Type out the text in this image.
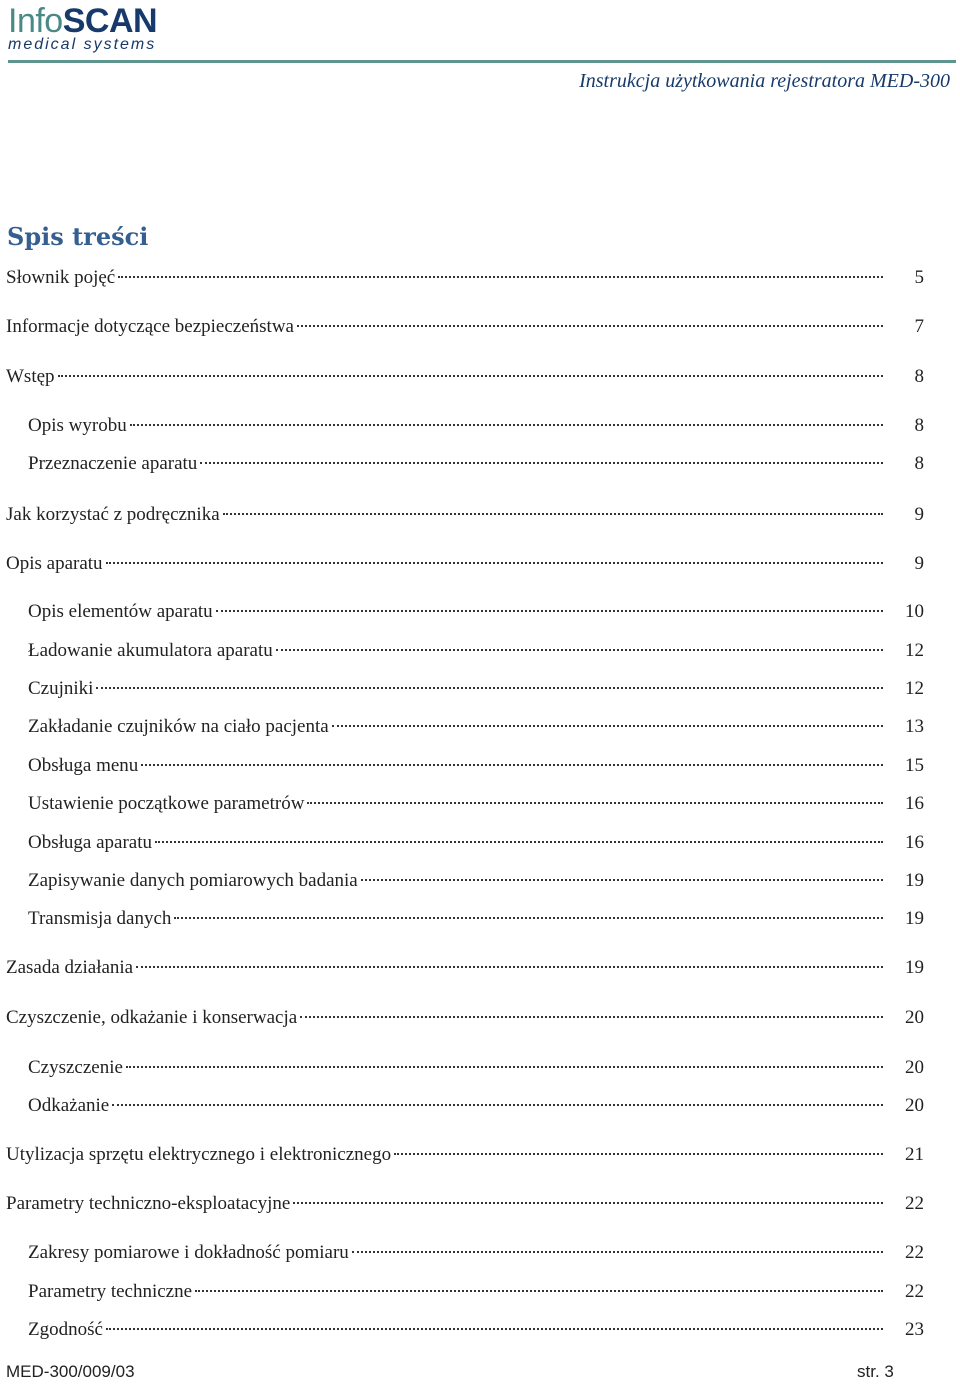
InfoSCAN
medical systems
Instrukcja użytkowania rejestratora MED-300
Spis treści
Słownik pojęć	5
Informacje dotyczące bezpieczeństwa	7
Wstęp	8
Opis wyrobu	8
Przeznaczenie aparatu	8
Jak korzystać z podręcznika	9
Opis aparatu	9
Opis elementów aparatu	10
Ładowanie akumulatora aparatu	12
Czujniki	12
Zakładanie czujników na ciało pacjenta	13
Obsługa menu	15
Ustawienie początkowe parametrów	16
Obsługa aparatu	16
Zapisywanie danych pomiarowych badania	19
Transmisja danych	19
Zasada działania	19
Czyszczenie, odkażanie i konserwacja	20
Czyszczenie	20
Odkażanie	20
Utylizacja sprzętu elektrycznego i elektronicznego	21
Parametry techniczno-eksploatacyjne	22
Zakresy pomiarowe i dokładność pomiaru	22
Parametry techniczne	22
Zgodność	23
MED-300/009/03	str. 3
